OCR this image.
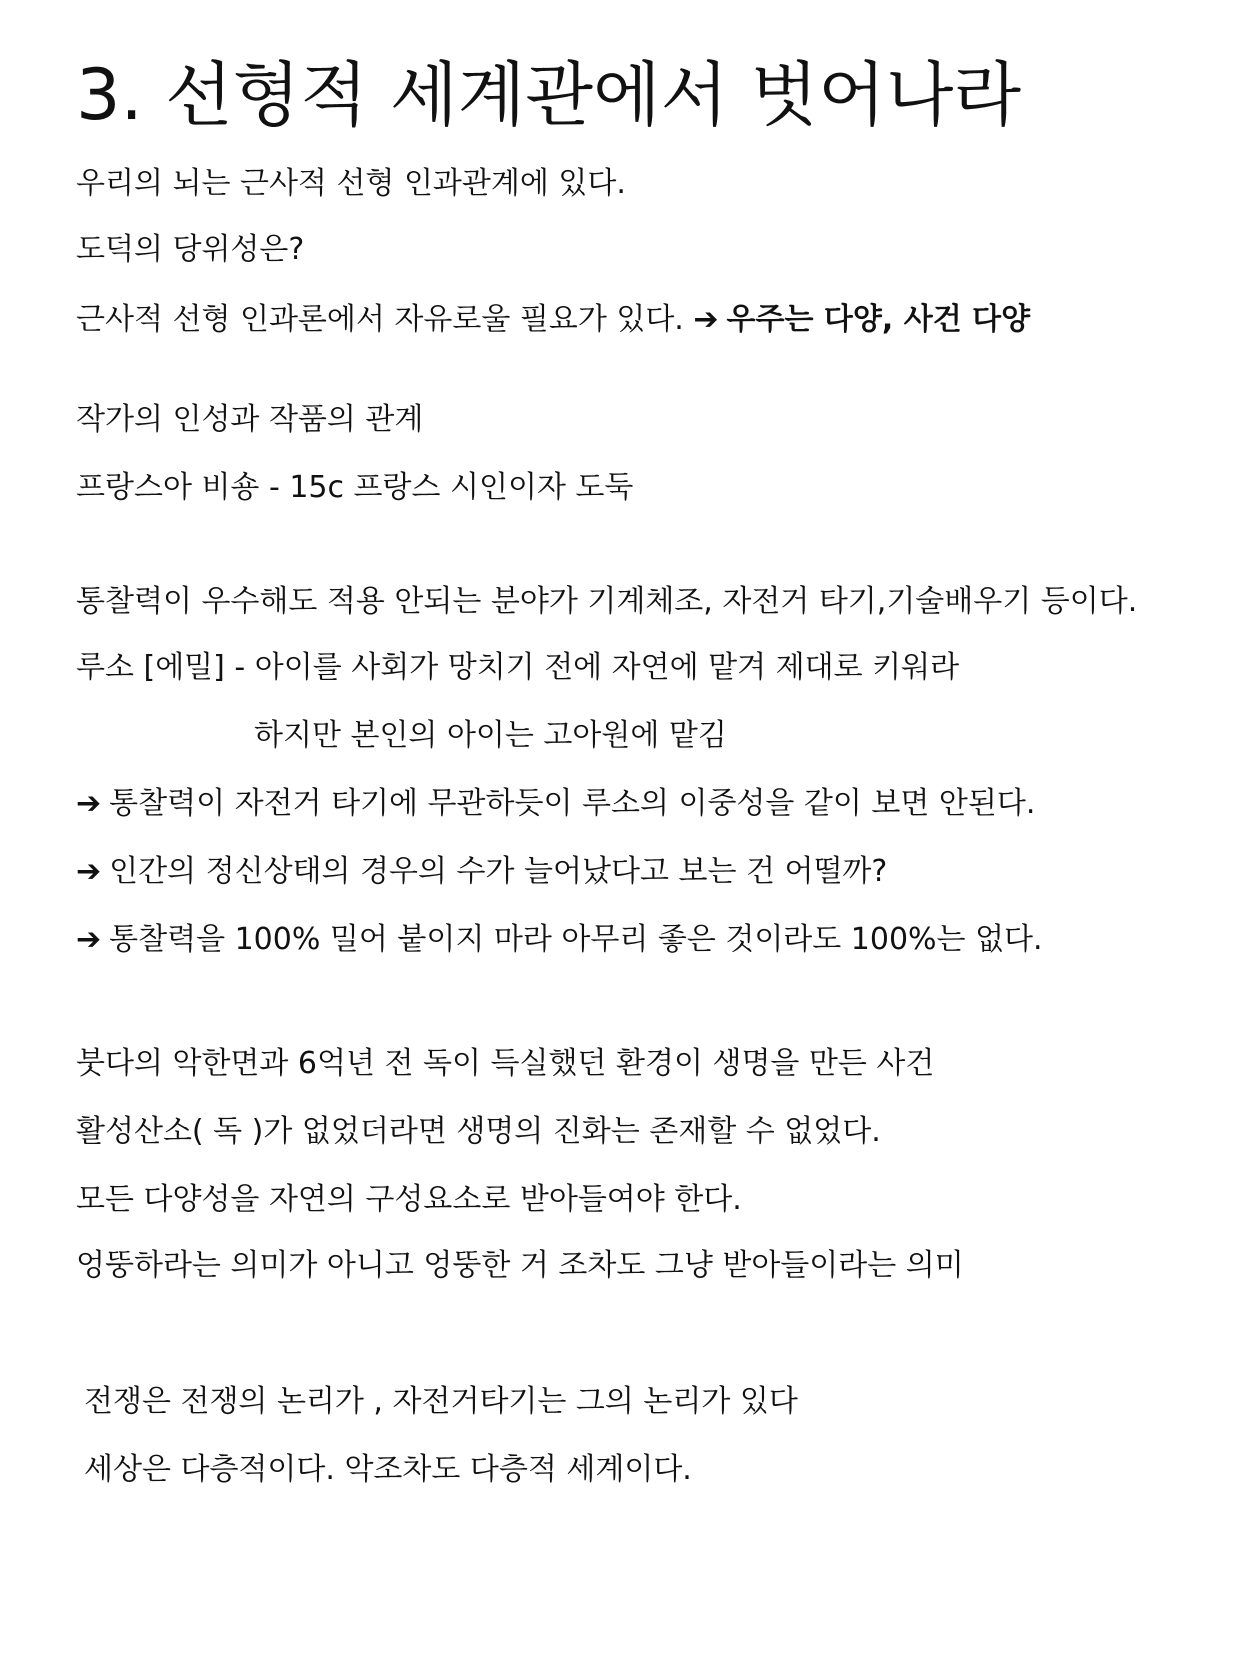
3. 선형적 세계관에서 벗어나라
우리의 뇌는 근사적 선형 인과관계에 있다.
도덕의 당위성은?
근사적 선형 인과론에서 자유로울 필요가 있다. ➔ 우주는 다양, 사건 다양
작가의 인성과 작품의 관계
프랑스아 비숑 - 15c 프랑스 시인이자 도둑
통찰력이 우수해도 적용 안되는 분야가 기계체조, 자전거 타기,기술배우기 등이다.
루소 [에밀] - 아이를 사회가 망치기 전에 자연에 맡겨 제대로 키워라
하지만 본인의 아이는 고아원에 맡김
➔ 통찰력이 자전거 타기에 무관하듯이 루소의 이중성을 같이 보면 안된다.
➔ 인간의 정신상태의 경우의 수가 늘어났다고 보는 건 어떨까?
➔ 통찰력을 100% 밀어 붙이지 마라 아무리 좋은 것이라도 100%는 없다.
붓다의 악한면과 6억년 전 독이 득실했던 환경이 생명을 만든 사건
활성산소( 독 )가 없었더라면 생명의 진화는 존재할 수 없었다.
모든 다양성을 자연의 구성요소로 받아들여야 한다.
엉뚱하라는 의미가 아니고 엉뚱한 거 조차도 그냥 받아들이라는 의미
전쟁은 전쟁의 논리가 , 자전거타기는 그의 논리가 있다
세상은 다층적이다. 악조차도 다층적 세계이다.
